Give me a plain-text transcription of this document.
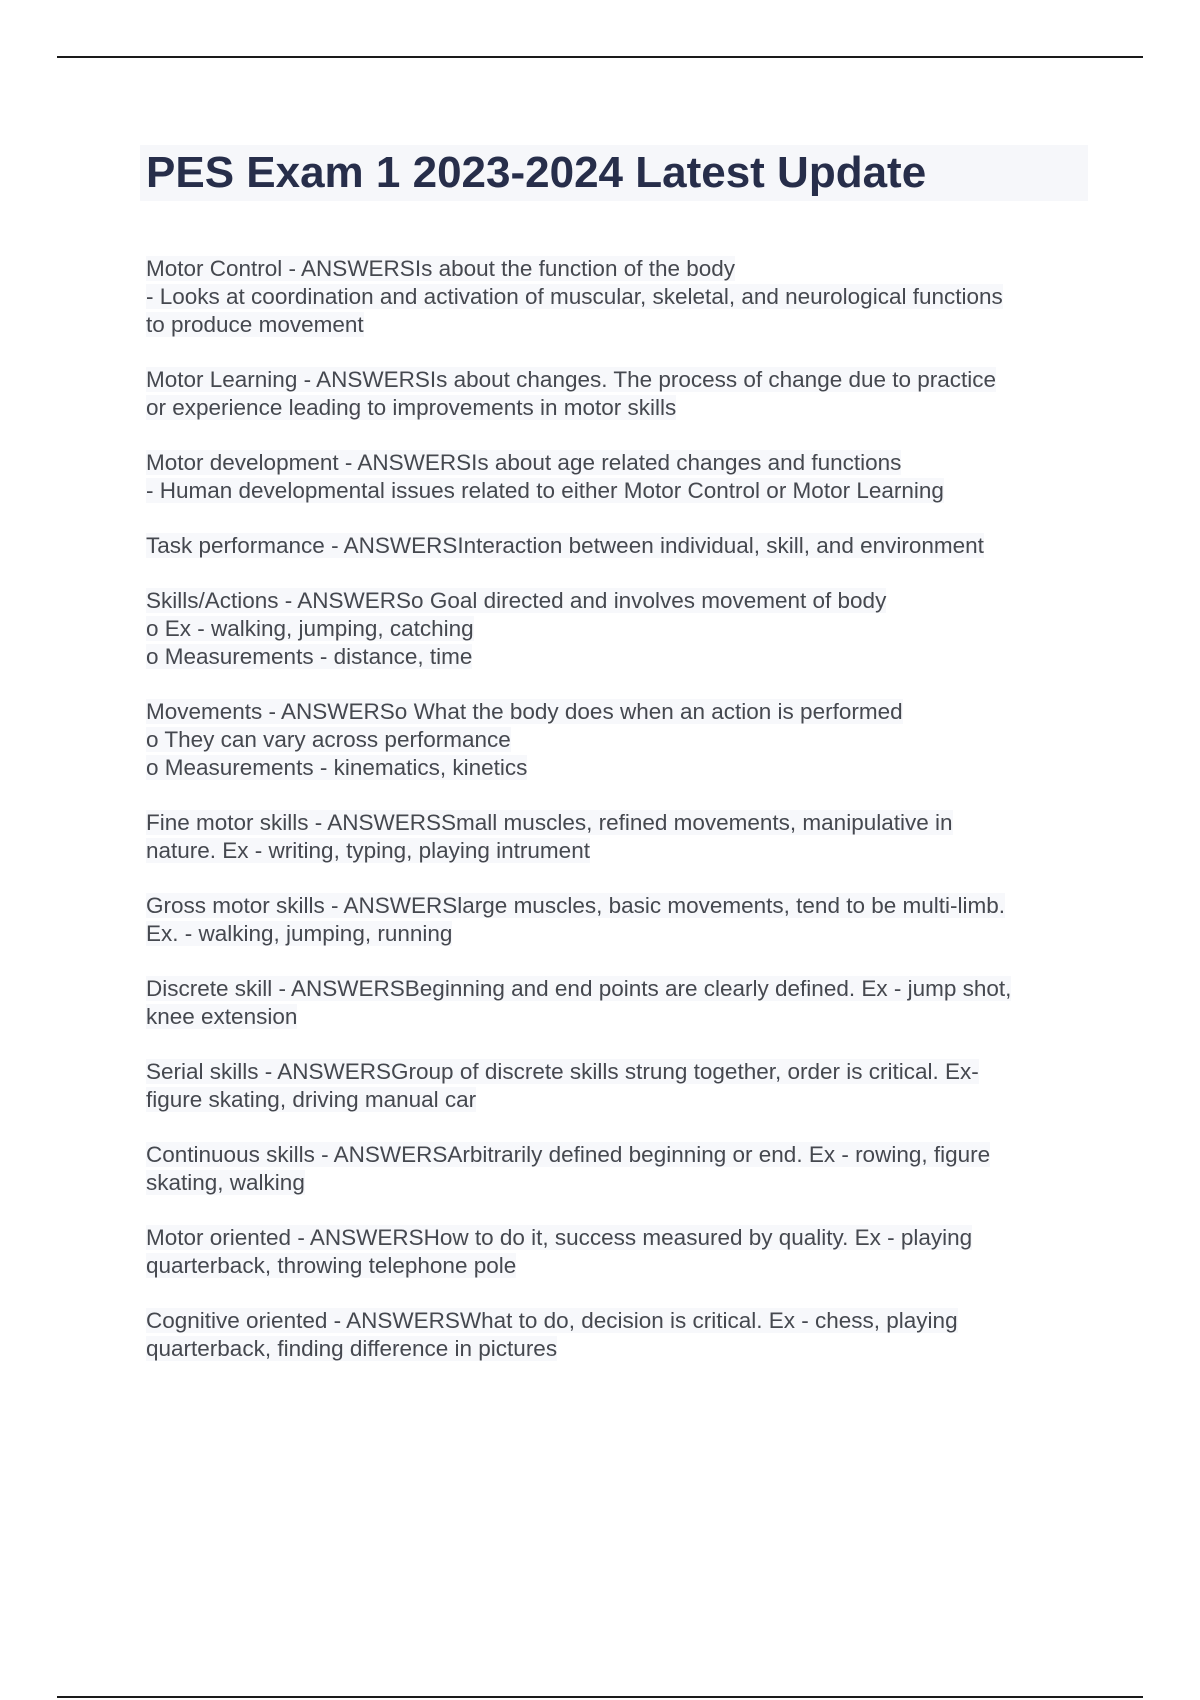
PES Exam 1 2023-2024 Latest Update
Motor Control - ANSWERSIs about the function of the body
- Looks at coordination and activation of muscular, skeletal, and neurological functions
to produce movement
Motor Learning - ANSWERSIs about changes. The process of change due to practice
or experience leading to improvements in motor skills
Motor development - ANSWERSIs about age related changes and functions
- Human developmental issues related to either Motor Control or Motor Learning
Task performance - ANSWERSInteraction between individual, skill, and environment
Skills/Actions - ANSWERSo Goal directed and involves movement of body
o Ex - walking, jumping, catching
o Measurements - distance, time
Movements - ANSWERSo What the body does when an action is performed
o They can vary across performance
o Measurements - kinematics, kinetics
Fine motor skills - ANSWERSSmall muscles, refined movements, manipulative in
nature. Ex - writing, typing, playing intrument
Gross motor skills - ANSWERSlarge muscles, basic movements, tend to be multi-limb.
Ex. - walking, jumping, running
Discrete skill - ANSWERSBeginning and end points are clearly defined. Ex - jump shot,
knee extension
Serial skills - ANSWERSGroup of discrete skills strung together, order is critical. Ex-
figure skating, driving manual car
Continuous skills - ANSWERSArbitrarily defined beginning or end. Ex - rowing, figure
skating, walking
Motor oriented - ANSWERSHow to do it, success measured by quality. Ex - playing
quarterback, throwing telephone pole
Cognitive oriented - ANSWERSWhat to do, decision is critical. Ex - chess, playing
quarterback, finding difference in pictures
